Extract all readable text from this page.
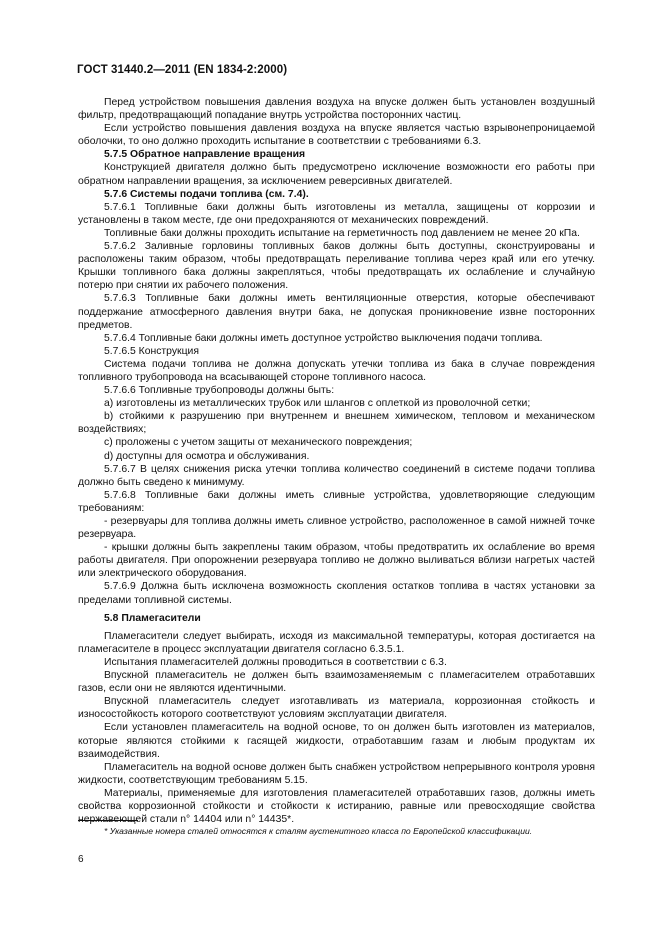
ГОСТ 31440.2—2011 (EN 1834-2:2000)

Перед устройством повышения давления воздуха на впуске должен быть установлен воздушный фильтр, предотвращающий попадание внутрь устройства посторонних частиц.

Если устройство повышения давления воздуха на впуске является частью взрывонепроницаемой оболочки, то оно должно проходить испытание в соответствии с требованиями 6.3.

5.7.5 Обратное направление вращения

Конструкцией двигателя должно быть предусмотрено исключение возможности его работы при обратном направлении вращения, за исключением реверсивных двигателей.

5.7.6 Системы подачи топлива (см. 7.4).

5.7.6.1 Топливные баки должны быть изготовлены из металла, защищены от коррозии и установлены в таком месте, где они предохраняются от механических повреждений.

Топливные баки должны проходить испытание на герметичность под давлением не менее 20 кПа.

5.7.6.2 Заливные горловины топливных баков должны быть доступны, сконструированы и расположены таким образом, чтобы предотвращать переливание топлива через край или его утечку. Крышки топливного бака должны закрепляться, чтобы предотвращать их ослабление и случайную потерю при снятии их рабочего положения.

5.7.6.3 Топливные баки должны иметь вентиляционные отверстия, которые обеспечивают поддержание атмосферного давления внутри бака, не допуская проникновение извне посторонних предметов.

5.7.6.4 Топливные баки должны иметь доступное устройство выключения подачи топлива.

5.7.6.5 Конструкция

Система подачи топлива не должна допускать утечки топлива из бака в случае повреждения топливного трубопровода на всасывающей стороне топливного насоса.

5.7.6.6 Топливные трубопроводы должны быть:

a) изготовлены из металлических трубок или шлангов с оплеткой из проволочной сетки;

b) стойкими к разрушению при внутреннем и внешнем химическом, тепловом и механическом воздействиях;

c) проложены с учетом защиты от механического повреждения;

d) доступны для осмотра и обслуживания.

5.7.6.7 В целях снижения риска утечки топлива количество соединений в системе подачи топлива должно быть сведено к минимуму.

5.7.6.8 Топливные баки должны иметь сливные устройства, удовлетворяющие следующим требованиям:

- резервуары для топлива должны иметь сливное устройство, расположенное в самой нижней точке резервуара.

- крышки должны быть закреплены таким образом, чтобы предотвратить их ослабление во время работы двигателя. При опорожнении резервуара топливо не должно выливаться вблизи нагретых частей или электрического оборудования.

5.7.6.9 Должна быть исключена возможность скопления остатков топлива в частях установки за пределами топливной системы.

5.8 Пламегасители

Пламегасители следует выбирать, исходя из максимальной температуры, которая достигается на пламегасителе в процесс эксплуатации двигателя согласно 6.3.5.1.

Испытания пламегасителей должны проводиться в соответствии с 6.3.

Впускной пламегаситель не должен быть взаимозаменяемым с пламегасителем отработавших газов, если они не являются идентичными.

Впускной пламегаситель следует изготавливать из материала, коррозионная стойкость и износостойкость которого соответствуют условиям эксплуатации двигателя.

Если установлен пламегаситель на водной основе, то он должен быть изготовлен из материалов, которые являются стойкими к гасящей жидкости, отработавшим газам и любым продуктам их взаимодействия.

Пламегаситель на водной основе должен быть снабжен устройством непрерывного контроля уровня жидкости, соответствующим требованиям 5.15.

Материалы, применяемые для изготовления пламегасителей отработавших газов, должны иметь свойства коррозионной стойкости и стойкости к истиранию, равные или превосходящие свойства нержавеющей стали n° 14404 или n° 14435*.

* Указанные номера сталей относятся к сталям аустенитного класса по Европейской классификации.
6
